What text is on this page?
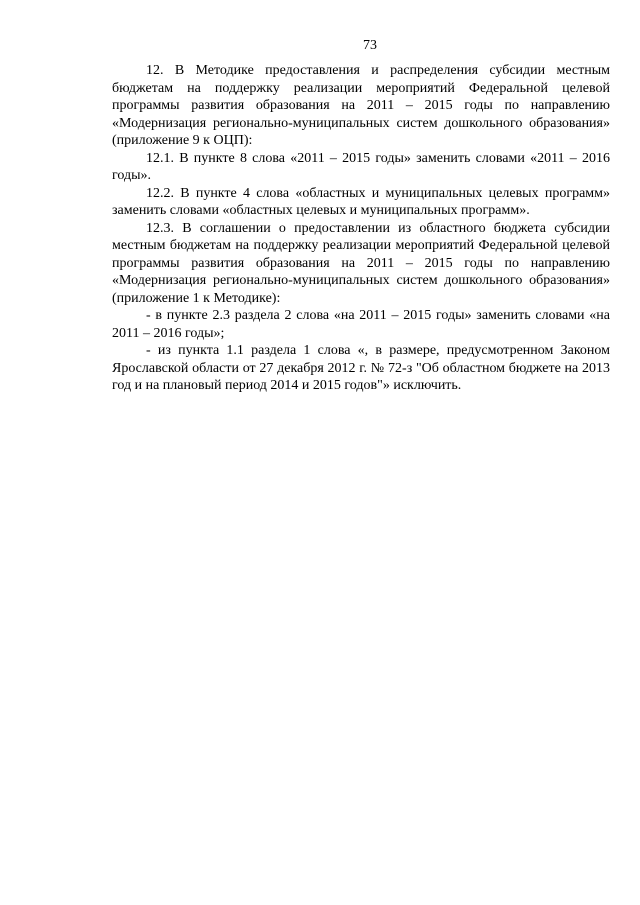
73

12. В Методике предоставления и распределения субсидии местным бюджетам на поддержку реализации мероприятий Федеральной целевой программы развития образования на 2011 – 2015 годы по направлению «Модернизация регионально-муниципальных систем дошкольного образования» (приложение 9 к ОЦП):

12.1. В пункте 8 слова «2011 – 2015 годы» заменить словами «2011 – 2016 годы».

12.2. В пункте 4 слова «областных и муниципальных целевых программ» заменить словами «областных целевых и муниципальных программ».

12.3. В соглашении о предоставлении из областного бюджета субсидии местным бюджетам на поддержку реализации мероприятий Федеральной целевой программы развития образования на 2011 – 2015 годы по направлению «Модернизация регионально-муниципальных систем дошкольного образования» (приложение 1 к Методике):

- в пункте 2.3 раздела 2 слова «на 2011 – 2015 годы» заменить словами «на 2011 – 2016 годы»;

- из пункта 1.1 раздела 1 слова «, в размере, предусмотренном Законом Ярославской области от 27 декабря 2012 г. № 72-з "Об областном бюджете на 2013 год и на плановый период 2014 и 2015 годов"» исключить.
